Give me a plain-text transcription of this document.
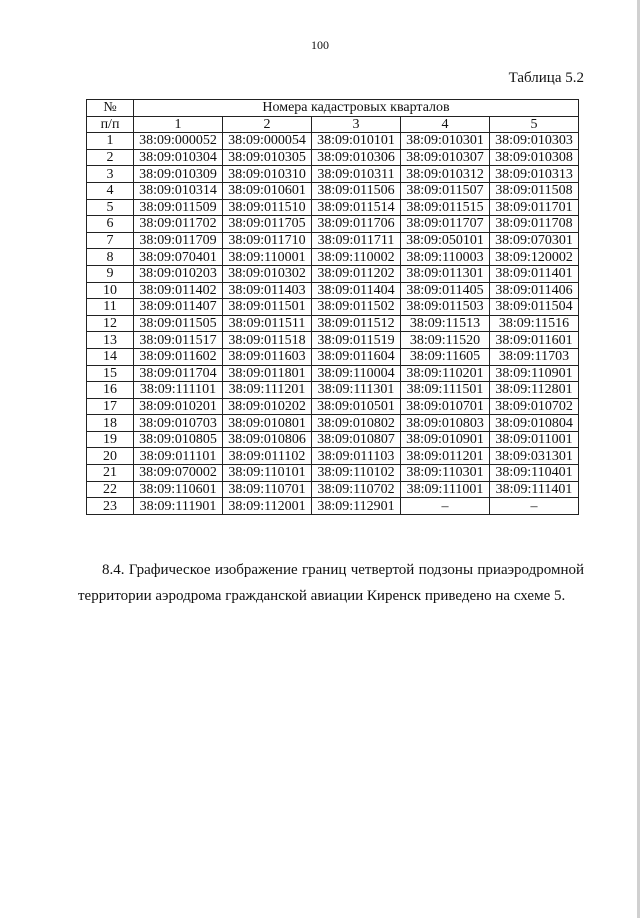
100
Таблица 5.2
№	Номера кадастровых кварталов				
п/п	1	2	3	4	5
1	38:09:000052	38:09:000054	38:09:010101	38:09:010301	38:09:010303
2	38:09:010304	38:09:010305	38:09:010306	38:09:010307	38:09:010308
3	38:09:010309	38:09:010310	38:09:010311	38:09:010312	38:09:010313
4	38:09:010314	38:09:010601	38:09:011506	38:09:011507	38:09:011508
5	38:09:011509	38:09:011510	38:09:011514	38:09:011515	38:09:011701
6	38:09:011702	38:09:011705	38:09:011706	38:09:011707	38:09:011708
7	38:09:011709	38:09:011710	38:09:011711	38:09:050101	38:09:070301
8	38:09:070401	38:09:110001	38:09:110002	38:09:110003	38:09:120002
9	38:09:010203	38:09:010302	38:09:011202	38:09:011301	38:09:011401
10	38:09:011402	38:09:011403	38:09:011404	38:09:011405	38:09:011406
11	38:09:011407	38:09:011501	38:09:011502	38:09:011503	38:09:011504
12	38:09:011505	38:09:011511	38:09:011512	38:09:11513	38:09:11516
13	38:09:011517	38:09:011518	38:09:011519	38:09:11520	38:09:011601
14	38:09:011602	38:09:011603	38:09:011604	38:09:11605	38:09:11703
15	38:09:011704	38:09:011801	38:09:110004	38:09:110201	38:09:110901
16	38:09:111101	38:09:111201	38:09:111301	38:09:111501	38:09:112801
17	38:09:010201	38:09:010202	38:09:010501	38:09:010701	38:09:010702
18	38:09:010703	38:09:010801	38:09:010802	38:09:010803	38:09:010804
19	38:09:010805	38:09:010806	38:09:010807	38:09:010901	38:09:011001
20	38:09:011101	38:09:011102	38:09:011103	38:09:011201	38:09:031301
21	38:09:070002	38:09:110101	38:09:110102	38:09:110301	38:09:110401
22	38:09:110601	38:09:110701	38:09:110702	38:09:111001	38:09:111401
23	38:09:111901	38:09:112001	38:09:112901	–	–
8.4. Графическое изображение границ четвертой подзоны приаэродромной территории аэродрома гражданской авиации Киренск приведено на схеме 5.
